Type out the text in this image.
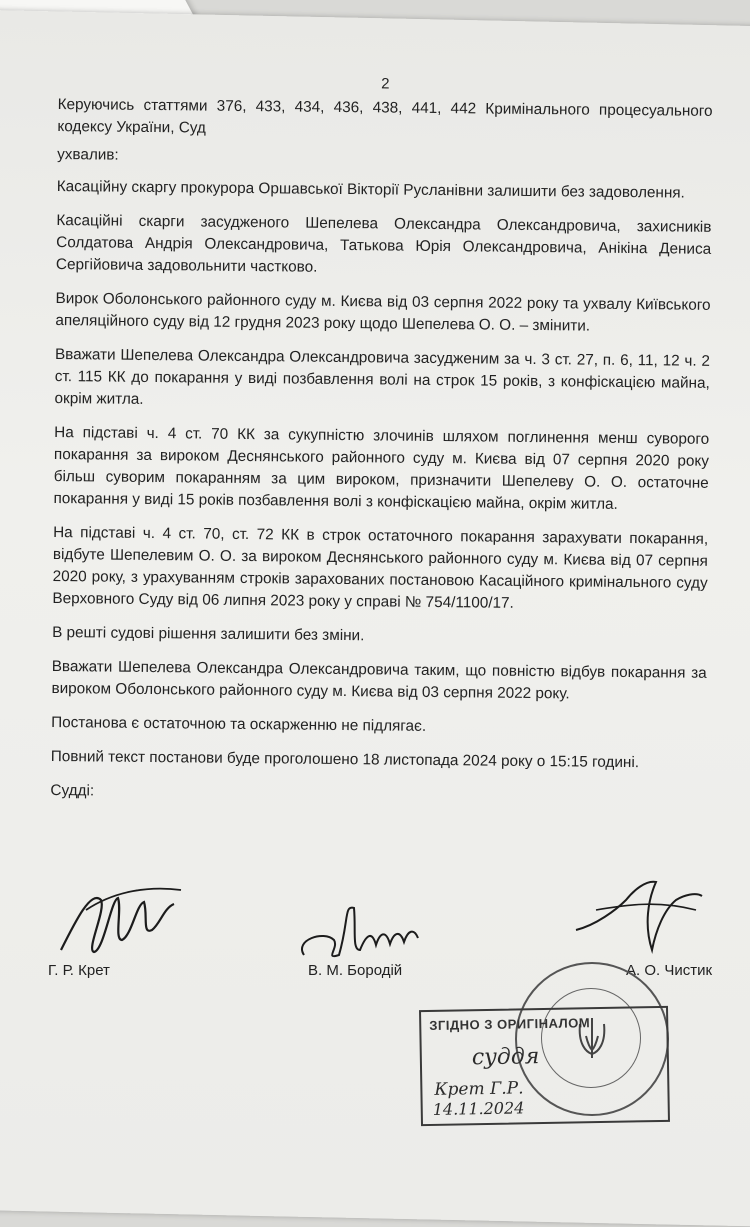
2

Керуючись статтями 376, 433, 434, 436, 438, 441, 442 Кримінального процесуального кодексу України, Суд

ухвалив:

Касаційну скаргу прокурора Оршавської Вікторії Русланівни залишити без задоволення.

Касаційні скарги засудженого Шепелева Олександра Олександровича, захисників Солдатова Андрія Олександровича, Татькова Юрія Олександровича, Анікіна Дениса Сергійовича задовольнити частково.

Вирок Оболонського районного суду м. Києва від 03 серпня 2022 року та ухвалу Київського апеляційного суду від 12 грудня 2023 року щодо Шепелева О. О. – змінити.

Вважати Шепелева Олександра Олександровича засудженим за ч. 3 ст. 27, п. 6, 11, 12 ч. 2 ст. 115 КК до покарання у виді позбавлення волі на строк 15 років, з конфіскацією майна, окрім житла.

На підставі ч. 4 ст. 70 КК за сукупністю злочинів шляхом поглинення менш суворого покарання за вироком Деснянського районного суду м. Києва від 07 серпня 2020 року більш суворим покаранням за цим вироком, призначити Шепелеву О. О. остаточне покарання у виді 15 років позбавлення волі з конфіскацією майна, окрім житла.

На підставі ч. 4 ст. 70, ст. 72 КК в строк остаточного покарання зарахувати покарання, відбуте Шепелевим О. О. за вироком Деснянського районного суду м. Києва від 07 серпня 2020 року, з урахуванням строків зарахованих постановою Касаційного кримінального суду Верховного Суду від 06 липня 2023 року у справі № 754/1100/17.

В решті судові рішення залишити без зміни.

Вважати Шепелева Олександра Олександровича таким, що повністю відбув покарання за вироком Оболонського районного суду м. Києва від 03 серпня 2022 року.

Постанова є остаточною та оскарженню не підлягає.

Повний текст постанови буде проголошено 18 листопада 2024 року о 15:15 годині.

Судді:

Г. Р. Крет	В. М. Бородій	А. О. Чистик
ЗГІДНО З ОРИГІНАЛОМ
суддя
Крет Г.Р.
14.11.2024
